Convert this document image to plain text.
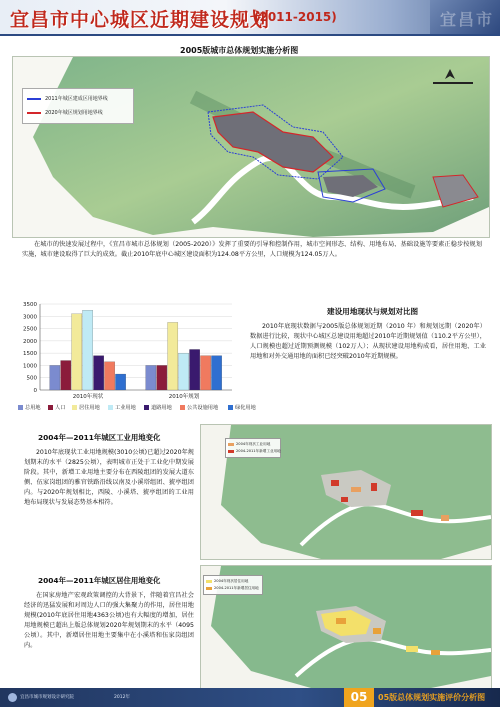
宜昌市
宜昌市中心城区近期建设规划
(2011-2015)
2005版城市总体规划实施分析图
2011年城区建成区用地界线
2020年城区规划用地界线
在城市的快速发展过程中，《宜昌市城市总体规划（2005-2020）》发挥了重要的引导和控制作用，城市空间形态、结构、用地布局、基础设施等要素正稳步按规划实施，城市建设取得了巨大的成效。截止2010年底中心城区建设面积为124.08平方公里，人口规模为124.05万人。
0
500
1000
1500
2000
2500
3000
3500
2010年现状	2010年规划
总用地	人口	居住用地	工业用地	道路用地	公共设施用地	绿化用地
建设用地现状与规划对比图
2010年底现状数据与2005版总体规划近期（2010 年）和规划远期（2020年）数据进行比较，现状中心城区总建设用地超过2010年近期规划值（110.2平方公里），人口规模也超过近期预测规模（102万人）；从现状建设用地构成看，居住用地、工业用地和对外交通用地的面积已经突破2010年近期规模。
2004年—2011年城区工业用地变化
2010年底现状工业用地规模(3010公顷)已超过2020年规划期末的水平（2825公顷），表明城市正处于工业化中期发展阶段。其中，新增工业用地主要分布在西陵组团的发展大道东侧、伍家岗组团的雅官铁路沿线以南及小溪塔组团、猇亭组团内。与2020年规划相比，西陵、小溪塔、猇亭组团的工业用地布局现状与发展态势基本相符。
2004年现状工业用地
2004-2011年新增工业用地
2004年—2011年城区居住用地变化
在国家房地产宏观政策调控的大背景下，伴随着宜昌社会经济的迅猛发展和对周边人口的强大集聚力的作用，居住用地规模(2010年底居住用地4363公顷)也有大幅度的增加，居住用地规模已超出上版总体规划2020年规划期末的水平（4095公顷）。其中，新增居住用地主要集中在小溪塔和伍家岗组团内。
2004年现状居住用地
2004-2011年新增居住用地
宜昌市城市规划设计研究院	2012年	05	05版总体规划实施评价分析图
